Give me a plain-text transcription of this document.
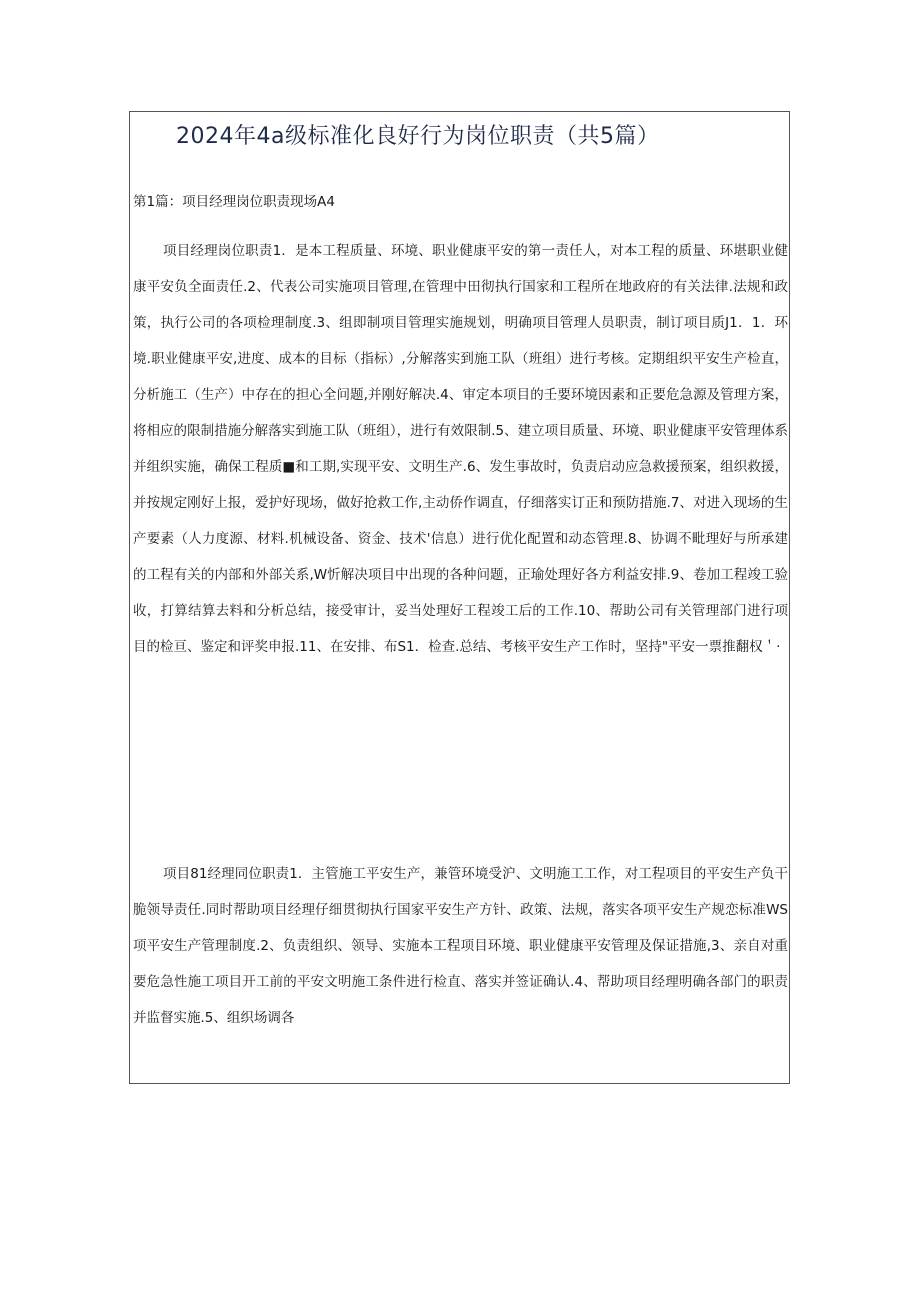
2024年4a级标准化良好行为岗位职责（共5篇）
第1篇：项目经理岗位职责现场A4

项目经理岗位职责1．是本工程质量、环境、职业健康平安的第一责任人，对本工程的质量、环堪职业健康平安负全面责任.2、代表公司实施项目管理,在管理中田彻执行国家和工程所在地政府的有关法律.法规和政策，执行公司的各项检理制度.3、组即制项目管理实施规划，明确项目管理人员职责，制订项目质J1．1．环境.职业健康平安,进度、成本的目标（指标）,分解落实到施工队（班组）进行考核。定期组织平安生产检直，分析施工（生产）中存在的担心全问题,并刚好解决.4、审定本项目的壬要环境因素和正要危急源及管理方案，将相应的限制措施分解落实到施工队（班组），进行有效限制.5、建立项目质量、环境、职业健康平安管理体系并组织实施，确保工程质■和工期,实现平安、文明生产.6、发生事故时，负责启动应急救援预案，组织救援，并按规定刚好上报，爱护好现场，做好抢救工作,主动侨作调直，仔细落实订正和预防措施.7、对进入现场的生产要素（人力度源、材料.机械设备、资金、技术'信息）进行优化配置和动态管理.8、协调不毗理好与所承建的工程有关的内部和外部关系,W忻解决项目中出现的各种问题，正瑜处理好各方利益安排.9、卷加工程竣工验收，打算结算去料和分析总结，接受审计，妥当处理好工程竣工后的工作.10、帮助公司有关管理部门进行项目的检亘、鉴定和评奖申报.11、在安排、布S1．检查.总结、考核平安生产工作时，坚持"平安一票推翻权＇·

项目81经理同位职责1．主管施工平安生产，兼管环境受沪、文明施工工作，对工程项目的平安生产负干脆领导责任.同时帮助项目经理仔细贯彻执行国家平安生产方针、政策、法规，落实各项平安生产规恋标准WS项平安生产管理制度.2、负责组织、领导、实施本工程项目环境、职业健康平安管理及保证措施,3、亲自对重要危急性施工项目开工前的平安文明施工条件进行检直、落实并签证确认.4、帮助项目经理明确各部门的职责并监督实施.5、组织场调各
